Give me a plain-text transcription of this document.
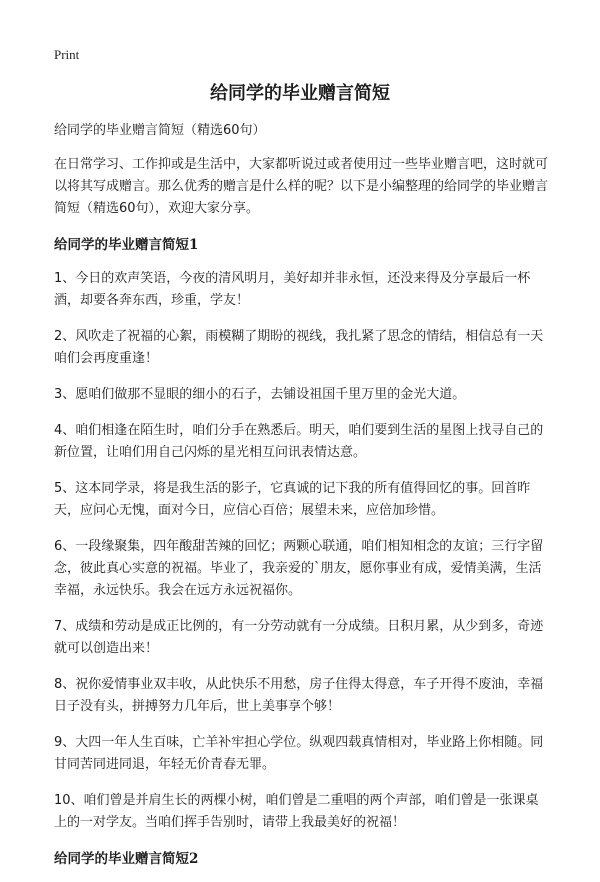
Print
给同学的毕业赠言简短

给同学的毕业赠言简短（精选60句）

在日常学习、工作抑或是生活中，大家都听说过或者使用过一些毕业赠言吧，这时就可以将其写成赠言。那么优秀的赠言是什么样的呢？以下是小编整理的给同学的毕业赠言简短（精选60句），欢迎大家分享。

给同学的毕业赠言简短1

1、今日的欢声笑语，今夜的清风明月，美好却并非永恒，还没来得及分享最后一杯酒，却要各奔东西，珍重，学友！

2、风吹走了祝福的心絮，雨模糊了期盼的视线，我扎紧了思念的情结，相信总有一天咱们会再度重逢！

3、愿咱们做那不显眼的细小的石子，去铺设祖国千里万里的金光大道。

4、咱们相逢在陌生时，咱们分手在熟悉后。明天，咱们要到生活的星图上找寻自己的新位置，让咱们用自己闪烁的星光相互问讯表情达意。

5、这本同学录，将是我生活的影子，它真诚的记下我的所有值得回忆的事。回首昨天，应问心无愧，面对今日，应信心百倍；展望未来，应倍加珍惜。

6、一段缘聚集，四年酸甜苦辣的回忆；两颗心联通，咱们相知相念的友谊；三行字留念，彼此真心实意的祝福。毕业了，我亲爱的`朋友，愿你事业有成，爱情美满，生活幸福，永远快乐。我会在远方永远祝福你。

7、成绩和劳动是成正比例的，有一分劳动就有一分成绩。日积月累，从少到多，奇迹就可以创造出来！

8、祝你爱情事业双丰收，从此快乐不用愁，房子住得太得意，车子开得不废油，幸福日子没有头，拼搏努力几年后，世上美事享个够！

9、大四一年人生百味，亡羊补牢担心学位。纵观四载真情相对，毕业路上你相随。同甘同苦同进同退，年轻无价青春无罪。

10、咱们曾是并肩生长的两棵小树，咱们曾是二重唱的两个声部，咱们曾是一张课桌上的一对学友。当咱们挥手告别时，请带上我最美好的祝福！

给同学的毕业赠言简短2
